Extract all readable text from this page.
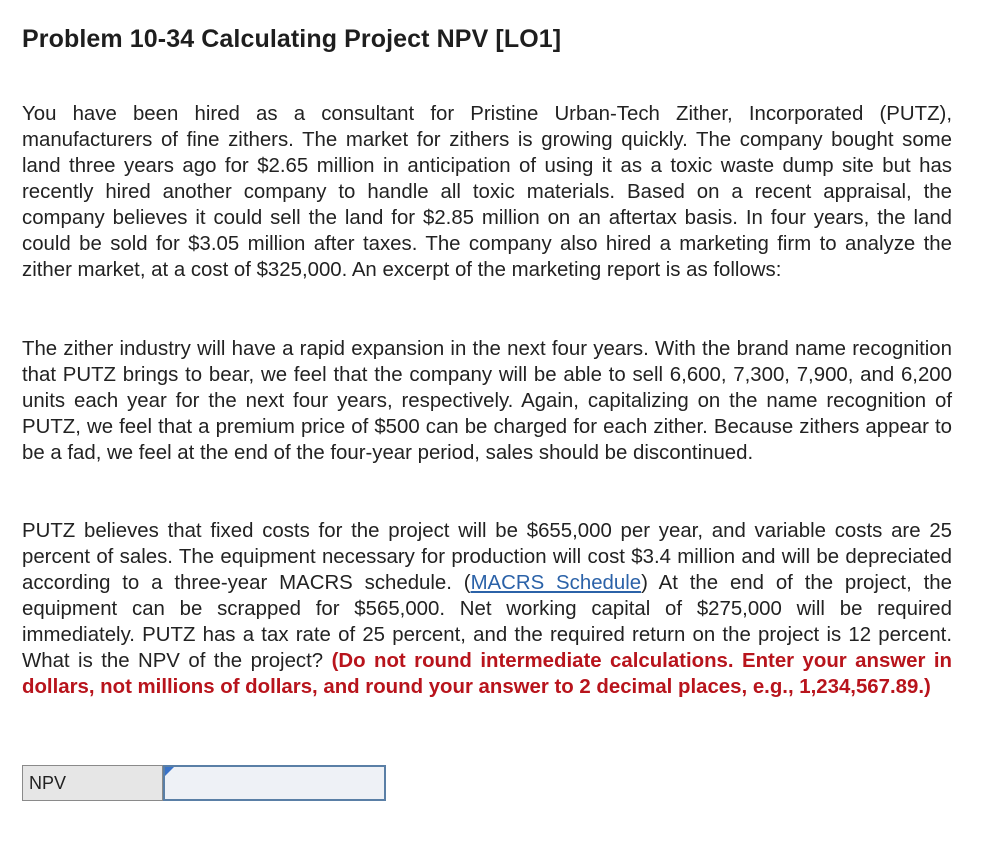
Problem 10-34 Calculating Project NPV [LO1]

You have been hired as a consultant for Pristine Urban-Tech Zither, Incorporated (PUTZ), manufacturers of fine zithers. The market for zithers is growing quickly. The company bought some land three years ago for $2.65 million in anticipation of using it as a toxic waste dump site but has recently hired another company to handle all toxic materials. Based on a recent appraisal, the company believes it could sell the land for $2.85 million on an aftertax basis. In four years, the land could be sold for $3.05 million after taxes. The company also hired a marketing firm to analyze the zither market, at a cost of $325,000. An excerpt of the marketing report is as follows:

The zither industry will have a rapid expansion in the next four years. With the brand name recognition that PUTZ brings to bear, we feel that the company will be able to sell 6,600, 7,300, 7,900, and 6,200 units each year for the next four years, respectively. Again, capitalizing on the name recognition of PUTZ, we feel that a premium price of $500 can be charged for each zither. Because zithers appear to be a fad, we feel at the end of the four-year period, sales should be discontinued.

PUTZ believes that fixed costs for the project will be $655,000 per year, and variable costs are 25 percent of sales. The equipment necessary for production will cost $3.4 million and will be depreciated according to a three-year MACRS schedule. (MACRS Schedule) At the end of the project, the equipment can be scrapped for $565,000. Net working capital of $275,000 will be required immediately. PUTZ has a tax rate of 25 percent, and the required return on the project is 12 percent. What is the NPV of the project? (Do not round intermediate calculations. Enter your answer in dollars, not millions of dollars, and round your answer to 2 decimal places, e.g., 1,234,567.89.)

NPV
